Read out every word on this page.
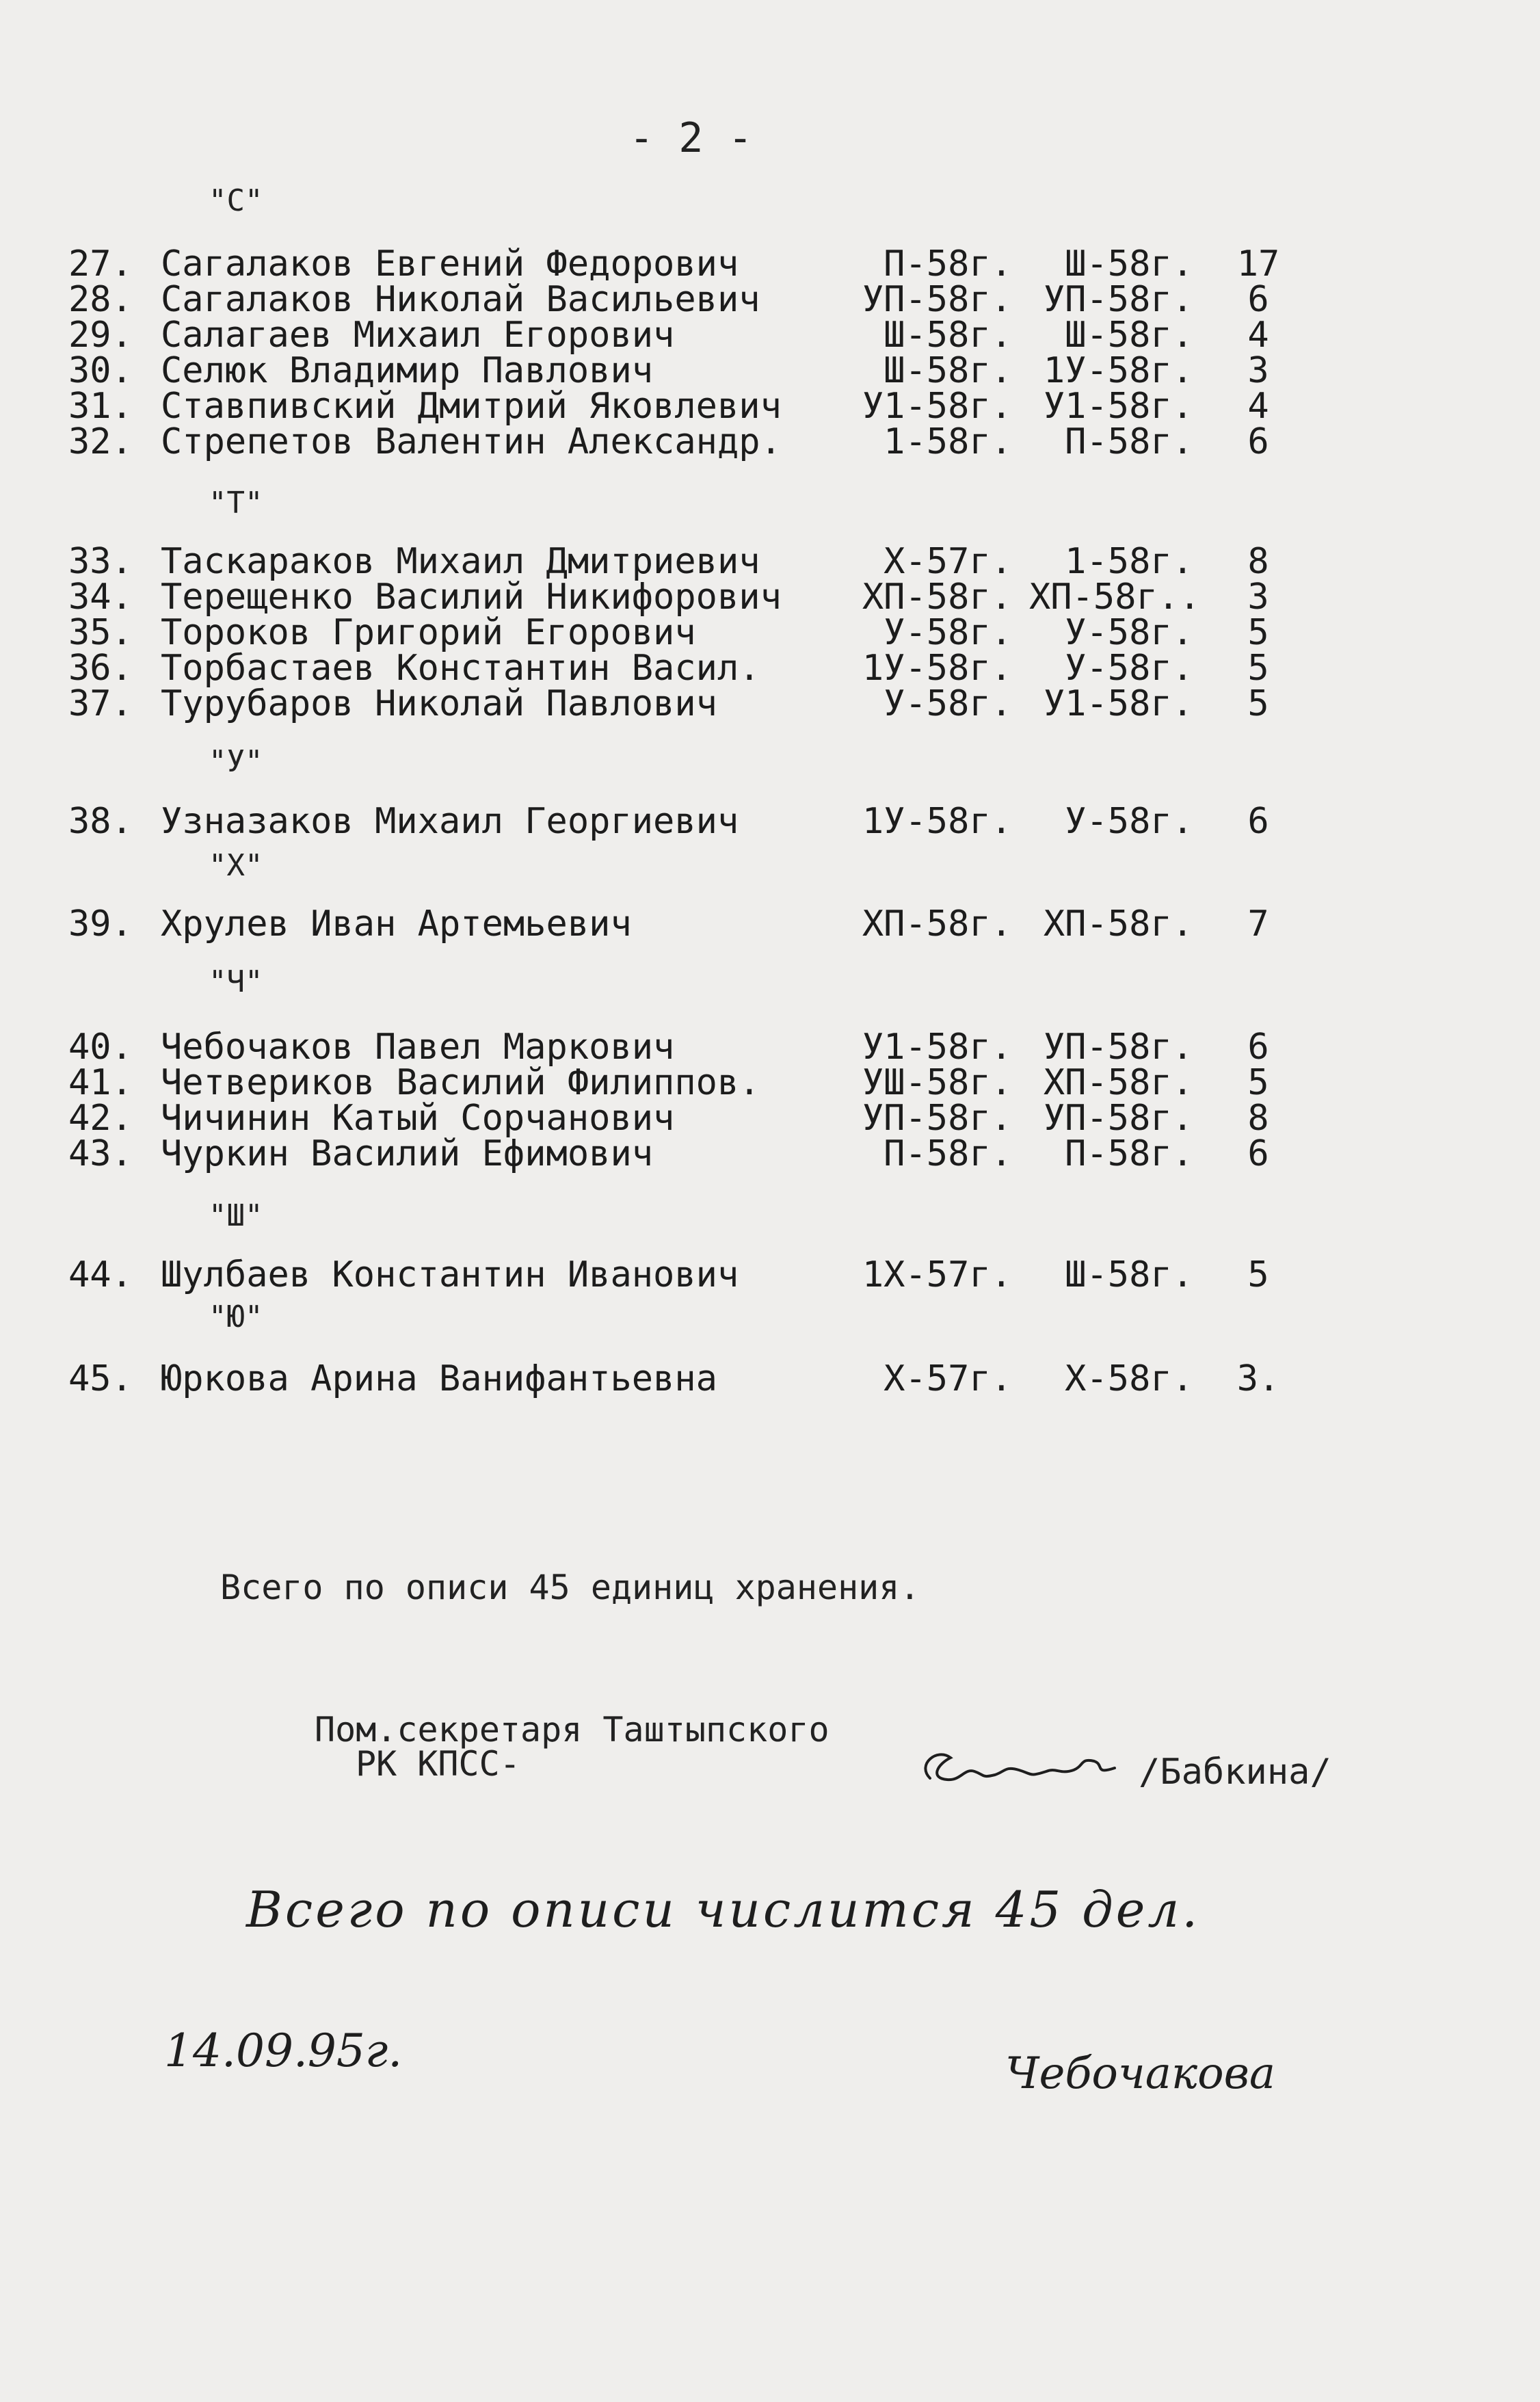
- 2 -
"С"
27. Сагалаков Евгений Федорович	П-58г.	Ш-58г.	17
28. Сагалаков Николай Васильевич	УП-58г. УП-58г.	6
29. Салагаев Михаил Егорович	Ш-58г.	Ш-58г.	4
30. Селюк Владимир Павлович	Ш-58г. 1У-58г.	3
31. Ставпивский Дмитрий Яковлевич	У1-58г. У1-58г.	4
32. Стрепетов Валентин Александр.	1-58г.	П-58г.	6
"Т"
33. Таскараков Михаил Дмитриевич	Х-57г.	1-58г.	8
34. Терещенко Василий Никифорович	ХП-58г. ХП-58г..	3
35. Тороков Григорий Егорович	У-58г.	У-58г.	5
36. Торбастаев Константин Васил.	1У-58г.	У-58г.	5
37. Турубаров Николай Павлович	У-58г. У1-58г.	5
"У"
38. Узназаков Михаил Георгиевич	1У-58г.	У-58г.	6
"Х"
39. Хрулев Иван Артемьевич	ХП-58г. ХП-58г.	7
"Ч"
40. Чебочаков Павел Маркович	У1-58г. УП-58г.	6
41. Четвериков Василий Филиппов.	УШ-58г. ХП-58г.	5
42. Чичинин Катый Сорчанович	УП-58г. УП-58г.	8
43. Чуркин Василий Ефимович	П-58г.	П-58г.	6
"Ш"
44. Шулбаев Константин Иванович	1Х-57г.	Ш-58г.	5
"Ю"
45. Юркова Арина Ванифантьевна	Х-57г.	Х-58г.	3.
Всего по описи 45 единиц хранения.
Пом.секретаря Таштыпского
РК КПСС-	/Бабкина/
Всего по описи числится 45 дел.
14.09.95г.	Чебочакова
